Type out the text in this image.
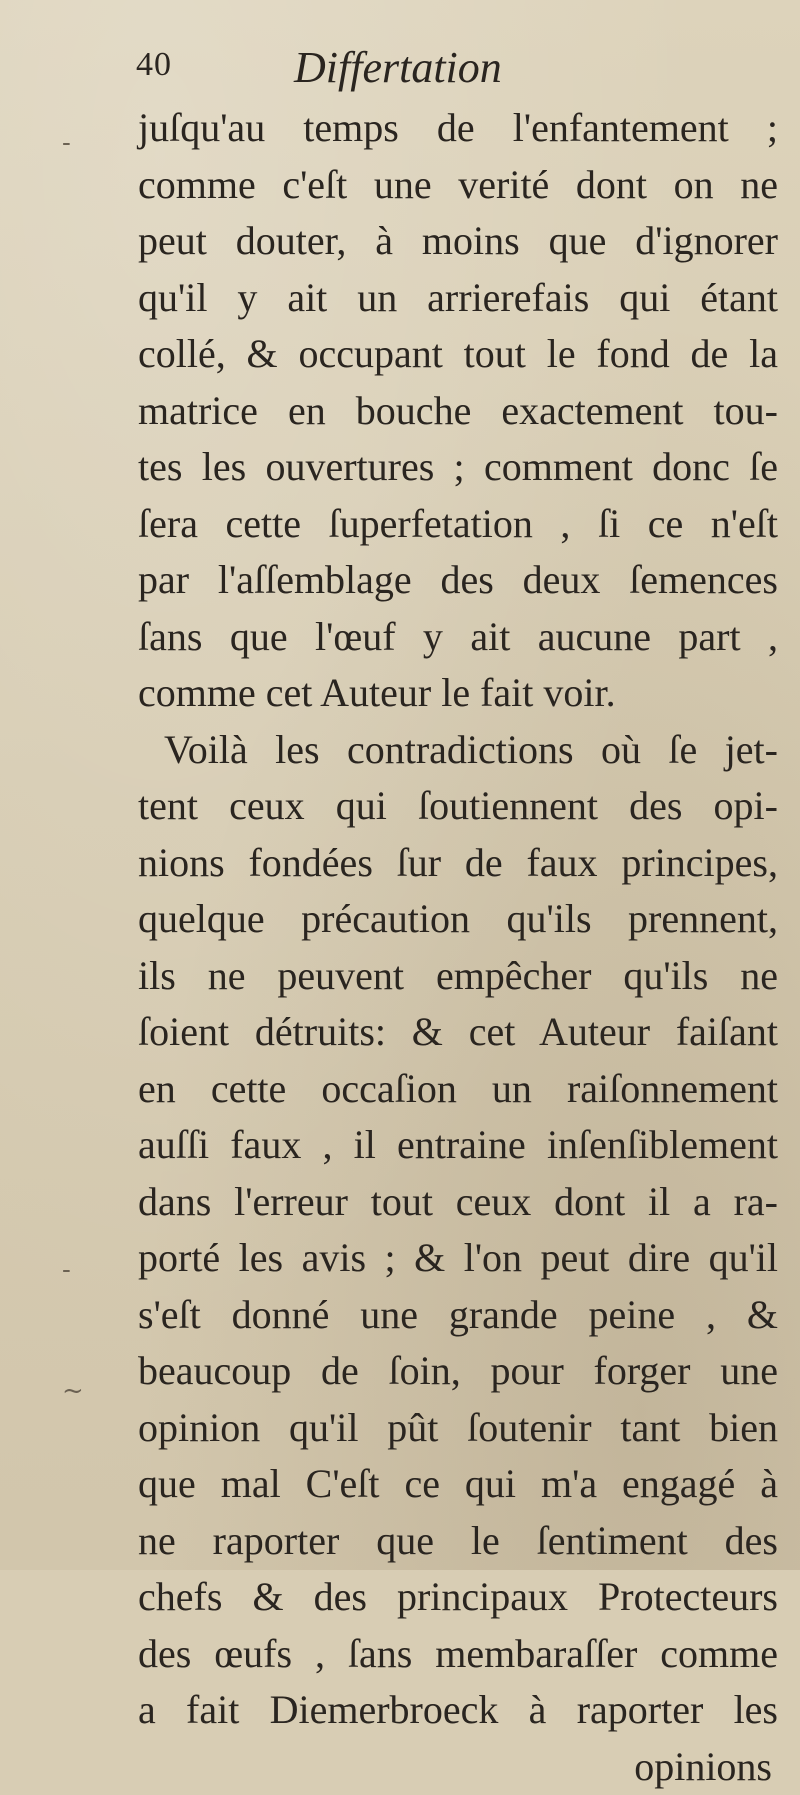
40	Differtation
-
-
~
juſqu'au temps de l'enfantement ;
comme c'eſt une verité dont on ne
peut douter, à moins que d'ignorer
qu'il y ait un arrierefais qui étant
collé, & occupant tout le fond de la
matrice en bouche exactement tou-
tes les ouvertures ; comment donc ſe
ſera cette ſuperfetation , ſi ce n'eſt
par l'aſſemblage des deux ſemences
ſans que l'œuf y ait aucune part ,
comme cet Auteur le fait voir.
Voilà les contradictions où ſe jet-
tent ceux qui ſoutiennent des opi-
nions fondées ſur de faux principes,
quelque précaution qu'ils prennent,
ils ne peuvent empêcher qu'ils ne
ſoient détruits: & cet Auteur faiſant
en cette occaſion un raiſonnement
auſſi faux , il entraine inſenſiblement
dans l'erreur tout ceux dont il a ra-
porté les avis ; & l'on peut dire qu'il
s'eſt donné une grande peine , &
beaucoup de ſoin, pour forger une
opinion qu'il pût ſoutenir tant bien
que mal C'eſt ce qui m'a engagé à
ne raporter que le ſentiment des
chefs & des principaux Protecteurs
des œufs , ſans membaraſſer comme
a fait Diemerbroeck à raporter les
opinions
